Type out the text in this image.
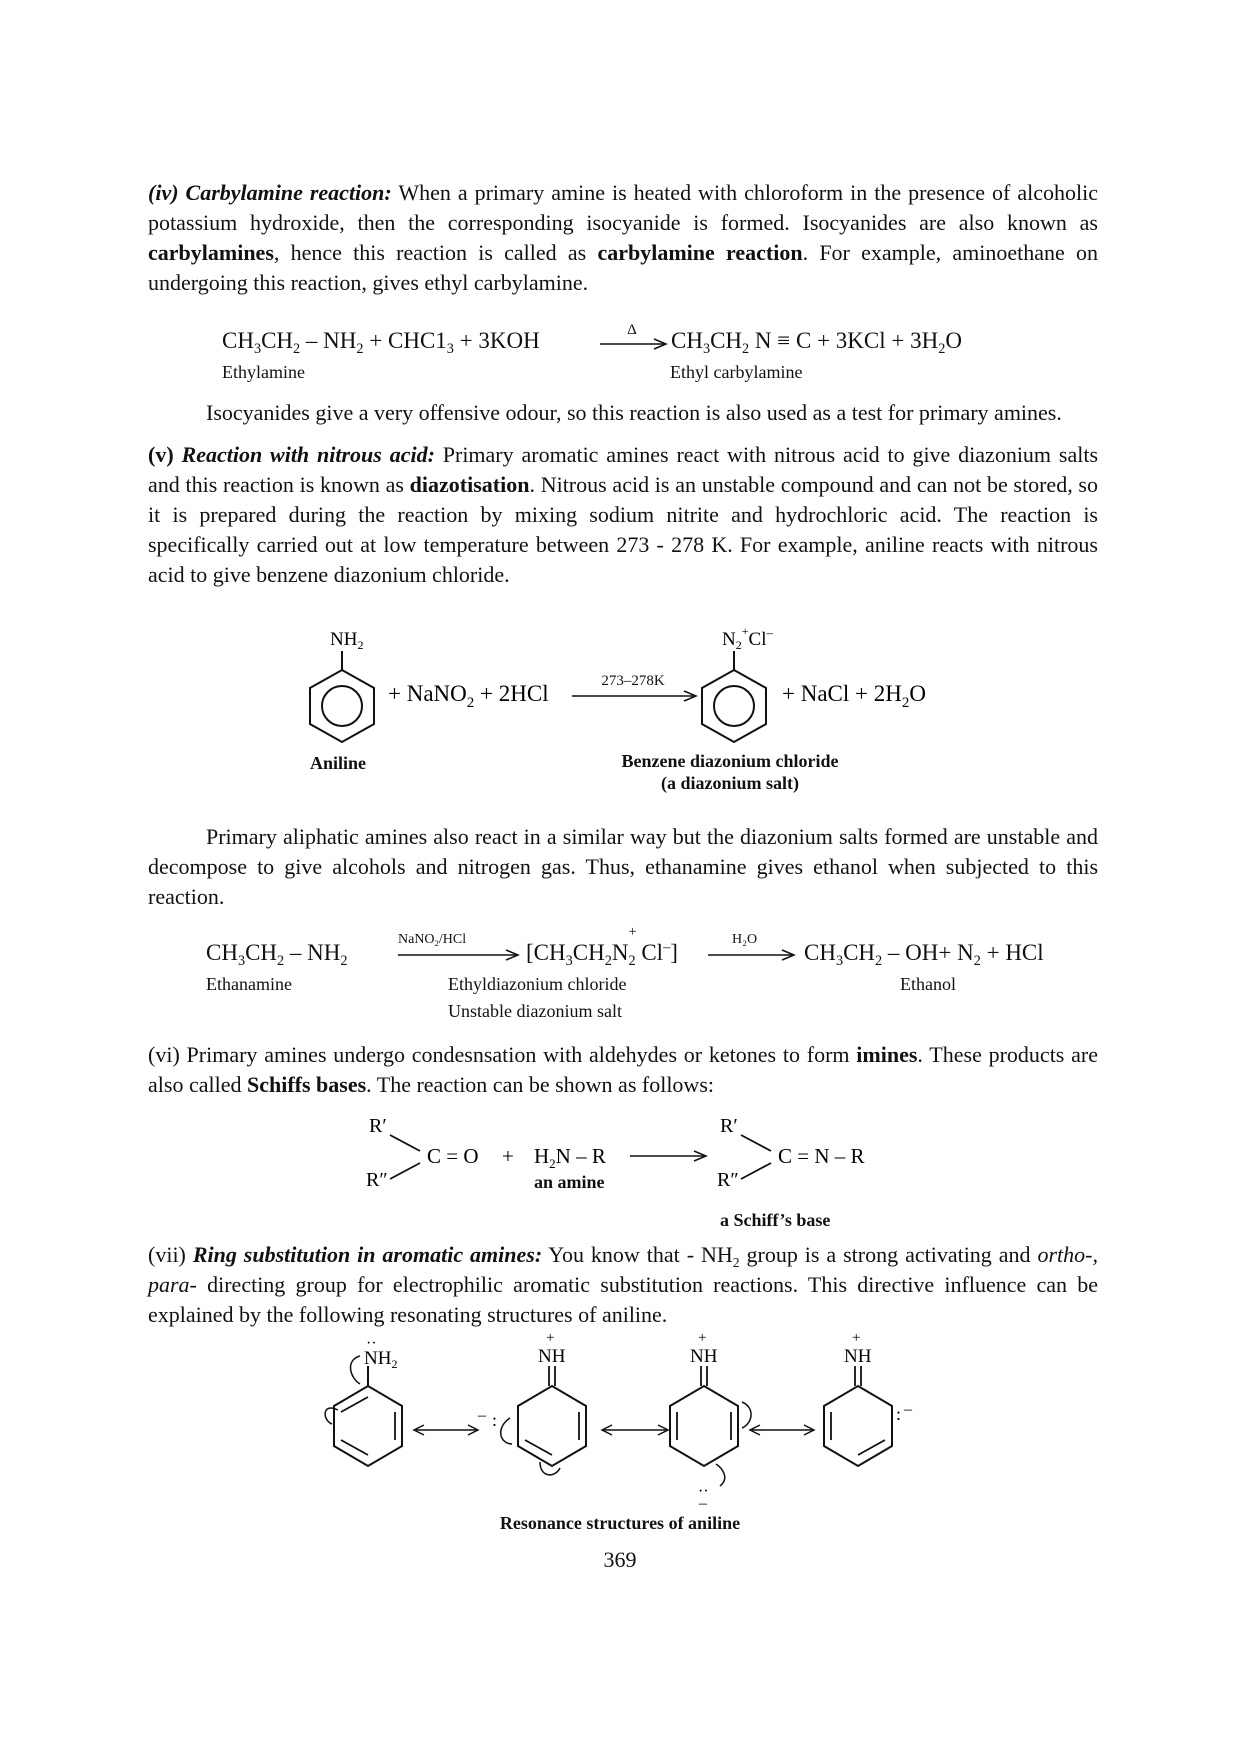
(iv) Carbylamine reaction: When a primary amine is heated with chloroform in the presence of alcoholic potassium hydroxide, then the corresponding isocyanide is formed. Isocyanides are also known as carbylamines, hence this reaction is called as carbylamine reaction. For example, aminoethane on undergoing this reaction, gives ethyl carbylamine.

$CH_3CH_2 - NH_2 + CHC1_3 + 3KOH$	Δ	$CH_3CH_2$ $N \equiv C + 3KCl + 3H_2O$
Ethylamine	Ethyl carbylamine

Isocyanides give a very offensive odour, so this reaction is also used as a test for primary amines.

(v) Reaction with nitrous acid: Primary aromatic amines react with nitrous acid to give diazonium salts and this reaction is known as diazotisation. Nitrous acid is an unstable compound and can not be stored, so it is prepared during the reaction by mixing sodium nitrite and hydrochloric acid. The reaction is specifically carried out at low temperature between 273 - 278 K. For example, aniline reacts with nitrous acid to give benzene diazonium chloride.

$NH_2$
+ NaNO$_2$ + 2HCl
$N_2^+Cl^-$
+ NaCl + $2H_2O$
273–278K
Aniline	Benzene diazonium chloride
(a diazonium salt)

Primary aliphatic amines also react in a similar way but the diazonium salts formed are unstable and decompose to give alcohols and nitrogen gas. Thus, ethanamine gives ethanol when subjected to this reaction.

$CH_3CH_2 - NH_2$
NaNO$_2$/HCl
[$CH_3CH_2N$
$_{+ 2}$ Cl–]
H₂O
$CH_3CH_2 - OH+ N_2$ + HCl
Ethanamine	Ethyldiazonium chloride
Unstable diazonium salt
Ethanol

(vi) Primary amines undergo condesnsation with aldehydes or ketones to form imines. These products are also called Schiffs bases. The reaction can be shown as follows:

R′
C = O
R″
+ $H_2N$ – R
R′
C = N – R
R″
an amine
a Schiff’s base

(vii) Ring substitution in aromatic amines: You know that - $NH_2$ group is a strong activating and ortho-, para- directing group for electrophilic aromatic substitution reactions. This directive influence can be explained by the following resonating structures of aniline.

$NH_2$
··
NH
+
:
–
NH
+
··
–
NH
+
: –
Resonance structures of aniline
369
